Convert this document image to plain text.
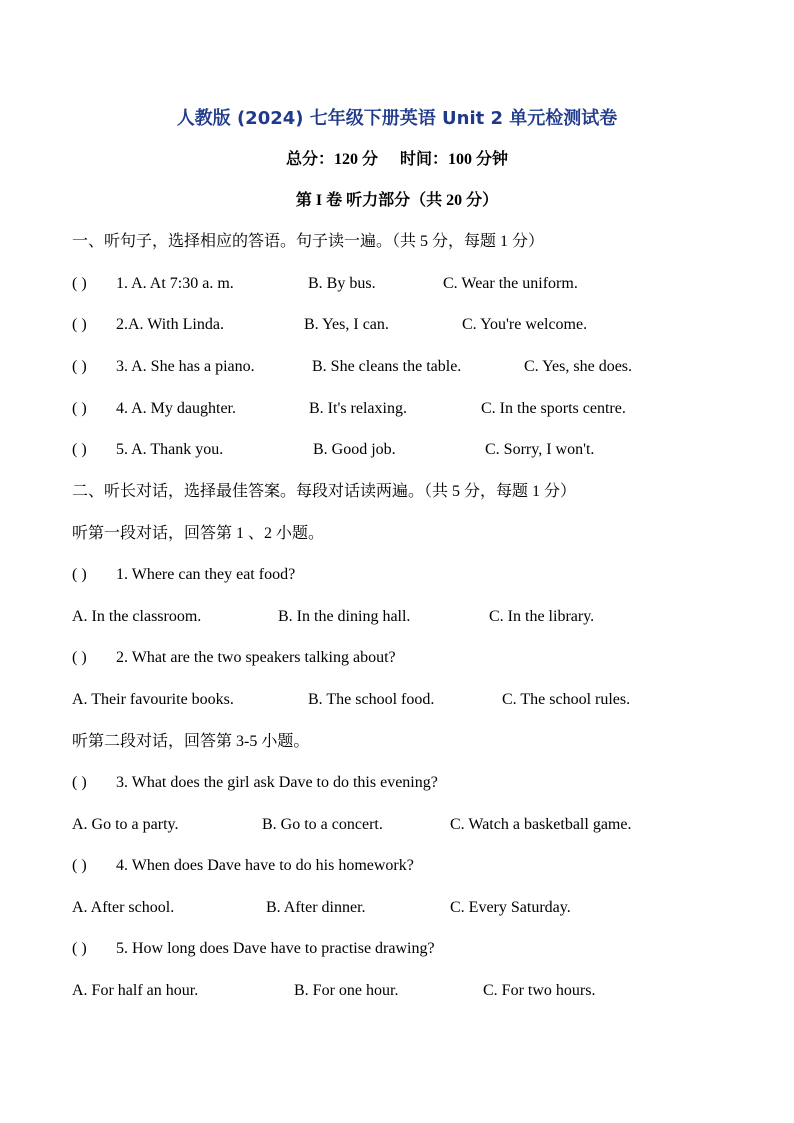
人教版 (2024) 七年级下册英语 Unit 2 单元检测试卷
总分：120 分 时间：100 分钟
第 I 卷 听力部分（共 20 分）
一、听句子，选择相应的答语。句子读一遍。（共 5 分，每题 1 分）
( ) 1. A. At 7:30 a. m.	B. By bus.	C. Wear the uniform.
( ) 2.A. With Linda.	B. Yes, I can.	C. You're welcome.
( ) 3. A. She has a piano.	B. She cleans the table.	C. Yes, she does.
( ) 4. A. My daughter.	B. It's relaxing.	C. In the sports centre.
( ) 5. A. Thank you.	B. Good job.	C. Sorry, I won't.
二、听长对话，选择最佳答案。每段对话读两遍。（共 5 分，每题 1 分）
听第一段对话，回答第 1 、2 小题。
( ) 1. Where can they eat food?
A. In the classroom.	B. In the dining hall.	C. In the library.
( ) 2. What are the two speakers talking about?
A. Their favourite books.	B. The school food.	C. The school rules.
听第二段对话，回答第 3-5 小题。
( ) 3. What does the girl ask Dave to do this evening?
A. Go to a party.	B. Go to a concert.	C. Watch a basketball game.
( ) 4. When does Dave have to do his homework?
A. After school.	B. After dinner.	C. Every Saturday.
( ) 5. How long does Dave have to practise drawing?
A. For half an hour.	B. For one hour.	C. For two hours.
